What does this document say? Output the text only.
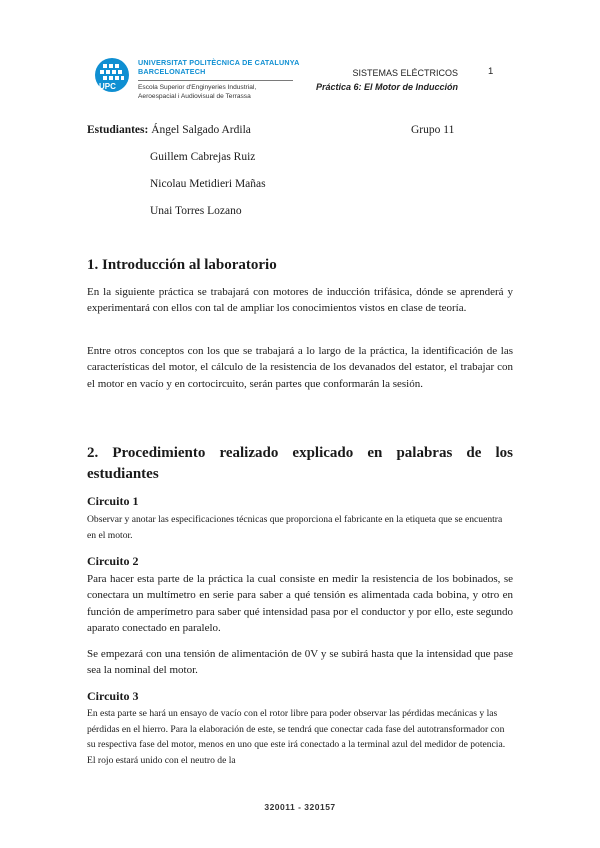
UPC
UNIVERSITAT POLITÈCNICA DE CATALUNYA
BARCELONATECH
Escola Superior d'Enginyeries Industrial,
Aeroespacial i Audiovisual de Terrassa
SISTEMAS ELÉCTRICOS
Práctica 6: El Motor de Inducción
1
Estudiantes: Ángel Salgado Ardila	Grupo 11
Guillem Cabrejas Ruiz
Nicolau Metidieri Mañas
Unai Torres Lozano
1. Introducción al laboratorio
En la siguiente práctica se trabajará con motores de inducción trifásica, dónde se aprenderá y experimentará con ellos con tal de ampliar los conocimientos vistos en clase de teoría.
Entre otros conceptos con los que se trabajará a lo largo de la práctica, la identificación de las características del motor, el cálculo de la resistencia de los devanados del estator, el trabajar con el motor en vacío y en cortocircuito, serán partes que conformarán la sesión.
2. Procedimiento realizado explicado en palabras de los estudiantes
Circuito 1
Observar y anotar las especificaciones técnicas que proporciona el fabricante en la etiqueta que se encuentra en el motor.
Circuito 2
Para hacer esta parte de la práctica la cual consiste en medir la resistencia de los bobinados, se conectara un multímetro en serie para saber a qué tensión es alimentada cada bobina, y otro en función de amperímetro para saber qué intensidad pasa por el conductor y por ello, este segundo aparato conectado en paralelo.
Se empezará con una tensión de alimentación de 0V y se subirá hasta que la intensidad que pase sea la nominal del motor.
Circuito 3
En esta parte se hará un ensayo de vacío con el rotor libre para poder observar las pérdidas mecánicas y las pérdidas en el hierro. Para la elaboración de este, se tendrá que conectar cada fase del autotransformador con su respectiva fase del motor, menos en uno que este irá conectado a la terminal azul del medidor de potencia. El rojo estará unido con el neutro de la
320011 - 320157
